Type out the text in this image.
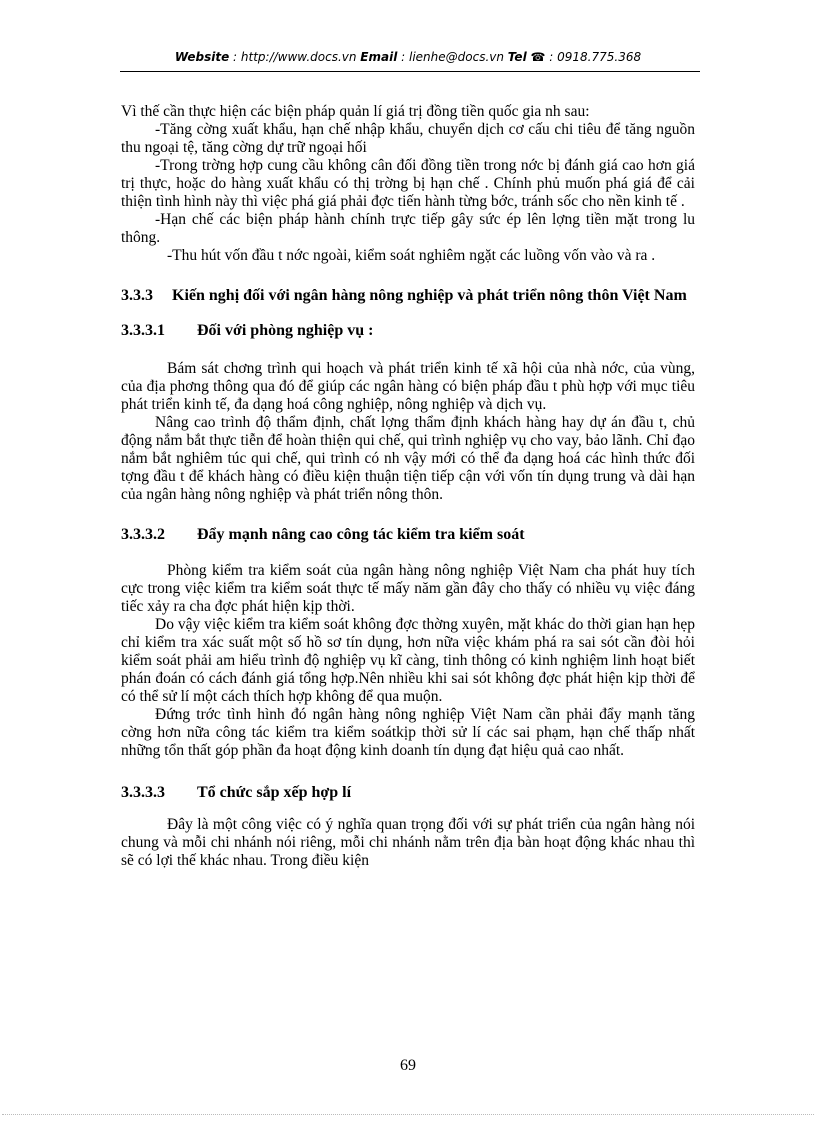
Website : http://www.docs.vn Email : lienhe@docs.vn Tel ☎ : 0918.775.368

Vì thế cần thực hiện các biện pháp quản lí giá trị đồng tiền quốc gia nh sau:

-Tăng cờng xuất khẩu, hạn chế nhập khẩu, chuyển dịch cơ cấu chi tiêu để tăng nguồn thu ngoại tệ, tăng cờng dự trữ ngoại hối

-Trong trờng hợp cung cầu không cân đối đồng tiền trong nớc bị đánh giá cao hơn giá trị thực, hoặc do hàng xuất khẩu có thị trờng bị hạn chế . Chính phủ muốn phá giá để cải thiện tình hình này thì việc phá giá phải đợc tiến hành từng bớc, tránh sốc cho nền kinh tế .

-Hạn chế các biện pháp hành chính trực tiếp gây sức ép lên lợng tiền mặt trong lu thông.

-Thu hút vốn đầu t nớc ngoài, kiểm soát nghiêm ngặt các luồng vốn vào và ra .

3.3.3	Kiến nghị đối với ngân hàng nông nghiệp và phát triển nông thôn Việt Nam
3.3.3.1	Đối với phòng nghiệp vụ :

Bám sát chơng trình qui hoạch và phát triển kinh tế xã hội của nhà nớc, của vùng, của địa phơng thông qua đó để giúp các ngân hàng có biện pháp đầu t phù hợp với mục tiêu phát triển kinh tế, đa dạng hoá công nghiệp, nông nghiệp và dịch vụ.

Nâng cao trình độ thẩm định, chất lợng thẩm định khách hàng hay dự án đầu t, chủ động nắm bắt thực tiễn để hoàn thiện qui chế, qui trình nghiệp vụ cho vay, bảo lãnh. Chỉ đạo nắm bắt nghiêm túc qui chế, qui trình có nh vậy mới có thể đa dạng hoá các hình thức đối tợng đầu t để khách hàng có điều kiện thuận tiện tiếp cận với vốn tín dụng trung và dài hạn của ngân hàng nông nghiệp và phát triển nông thôn.

3.3.3.2	Đẩy mạnh nâng cao công tác kiểm tra kiểm soát

Phòng kiểm tra kiểm soát của ngân hàng nông nghiệp Việt Nam cha phát huy tích cực trong việc kiểm tra kiểm soát thực tế mấy năm gần đây cho thấy có nhiều vụ việc đáng tiếc xảy ra cha đợc phát hiện kịp thời.

Do vậy việc kiểm tra kiểm soát không đợc thờng xuyên, mặt khác do thời gian hạn hẹp chỉ kiểm tra xác suất một số hồ sơ tín dụng, hơn nữa việc khám phá ra sai sót cần đòi hỏi kiểm soát phải am hiểu trình độ nghiệp vụ kĩ càng, tinh thông có kinh nghiệm linh hoạt biết phán đoán có cách đánh giá tổng hợp.Nên nhiều khi sai sót không đợc phát hiện kịp thời để có thể sử lí một cách thích hợp không để qua muộn.

Đứng trớc tình hình đó ngân hàng nông nghiệp Việt Nam cần phải đẩy mạnh tăng cờng hơn nữa công tác kiểm tra kiểm soátkịp thời sử lí các sai phạm, hạn chế thấp nhất những tổn thất góp phần đa hoạt động kinh doanh tín dụng đạt hiệu quả cao nhất.

3.3.3.3	Tổ chức sắp xếp hợp lí

Đây là một công việc có ý nghĩa quan trọng đối với sự phát triển của ngân hàng nói chung và mỗi chi nhánh nói riêng, mỗi chi nhánh nằm trên địa bàn hoạt động khác nhau thì sẽ có lợi thế khác nhau. Trong điều kiện

69
